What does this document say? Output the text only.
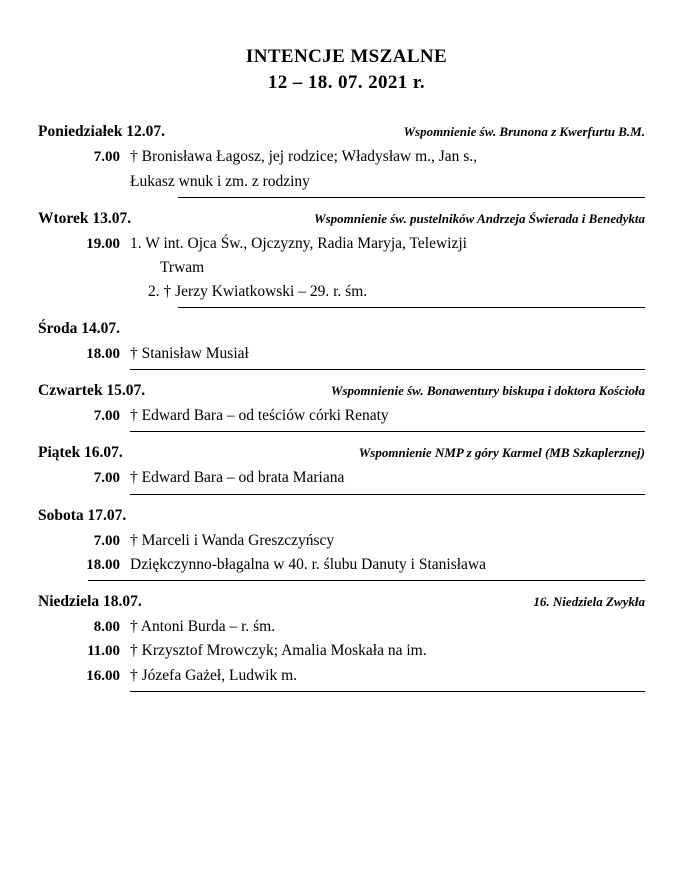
INTENCJE MSZALNE
12 – 18. 07. 2021 r.
Poniedziałek 12.07.	Wspomnienie św. Brunona z Kwerfurtu B.M.
7.00 † Bronisława Łagosz, jej rodzice; Władysław m., Jan s.,
Łukasz wnuk i zm. z rodziny
Wtorek 13.07.	Wspomnienie św. pustelników Andrzeja Świerada i Benedykta
19.00 1. W int. Ojca Św., Ojczyzny, Radia Maryja, Telewizji
Trwam
2. † Jerzy Kwiatkowski – 29. r. śm.
Środa 14.07.
18.00 † Stanisław Musiał
Czwartek 15.07.	Wspomnienie św. Bonawentury biskupa i doktora Kościoła
7.00 † Edward Bara – od teściów córki Renaty
Piątek 16.07.	Wspomnienie NMP z góry Karmel (MB Szkaplerznej)
7.00 † Edward Bara – od brata Mariana
Sobota 17.07.
7.00 † Marceli i Wanda Greszczyńscy
18.00 Dziękczynno-błagalna w 40. r. ślubu Danuty i Stanisława
Niedziela 18.07.	16. Niedziela Zwykła
8.00 † Antoni Burda – r. śm.
11.00 † Krzysztof Mrowczyk; Amalia Moskała na im.
16.00 † Józefa Gażeł, Ludwik m.
